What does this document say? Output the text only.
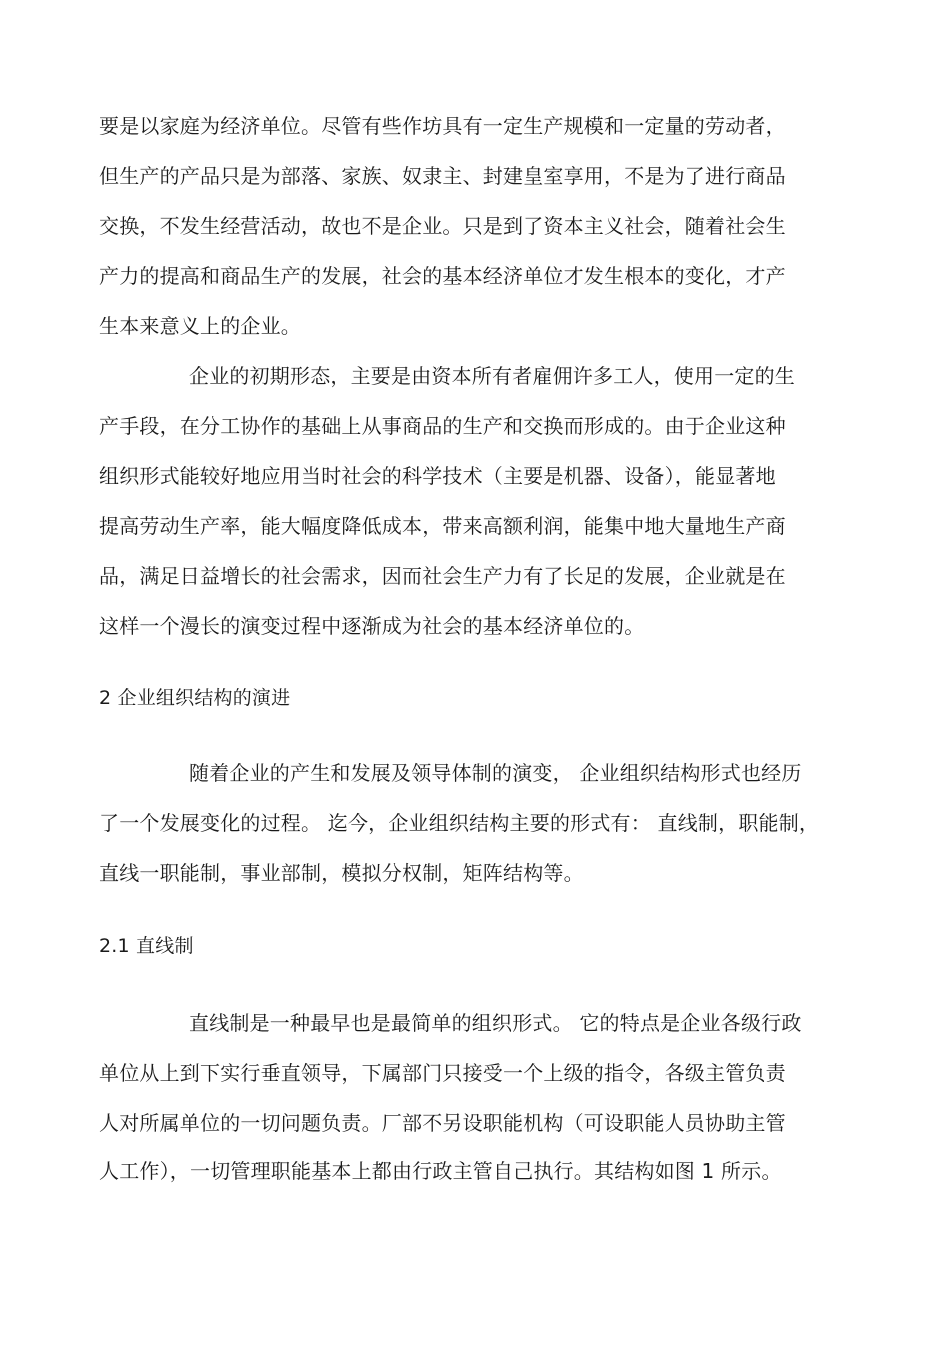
要是以家庭为经济单位。尽管有些作坊具有一定生产规模和一定量的劳动者，
但生产的产品只是为部落、家族、奴隶主、封建皇室享用，不是为了进行商品
交换，不发生经营活动，故也不是企业。只是到了资本主义社会，随着社会生
产力的提高和商品生产的发展，社会的基本经济单位才发生根本的变化，才产
生本来意义上的企业。
企业的初期形态，主要是由资本所有者雇佣许多工人，使用一定的生
产手段，在分工协作的基础上从事商品的生产和交换而形成的。由于企业这种
组织形式能较好地应用当时社会的科学技术（主要是机器、设备），能显著地
提高劳动生产率，能大幅度降低成本，带来高额利润，能集中地大量地生产商
品，满足日益增长的社会需求，因而社会生产力有了长足的发展，企业就是在
这样一个漫长的演变过程中逐渐成为社会的基本经济单位的。
2 企业组织结构的演进
随着企业的产生和发展及领导体制的演变， 企业组织结构形式也经历
了一个发展变化的过程。 迄今，企业组织结构主要的形式有： 直线制，职能制，
直线一职能制，事业部制，模拟分权制，矩阵结构等。
2.1 直线制
直线制是一种最早也是最简单的组织形式。 它的特点是企业各级行政
单位从上到下实行垂直领导，下属部门只接受一个上级的指令，各级主管负责
人对所属单位的一切问题负责。厂部不另设职能机构（可设职能人员协助主管
人工作），一切管理职能基本上都由行政主管自己执行。其结构如图 1 所示。
